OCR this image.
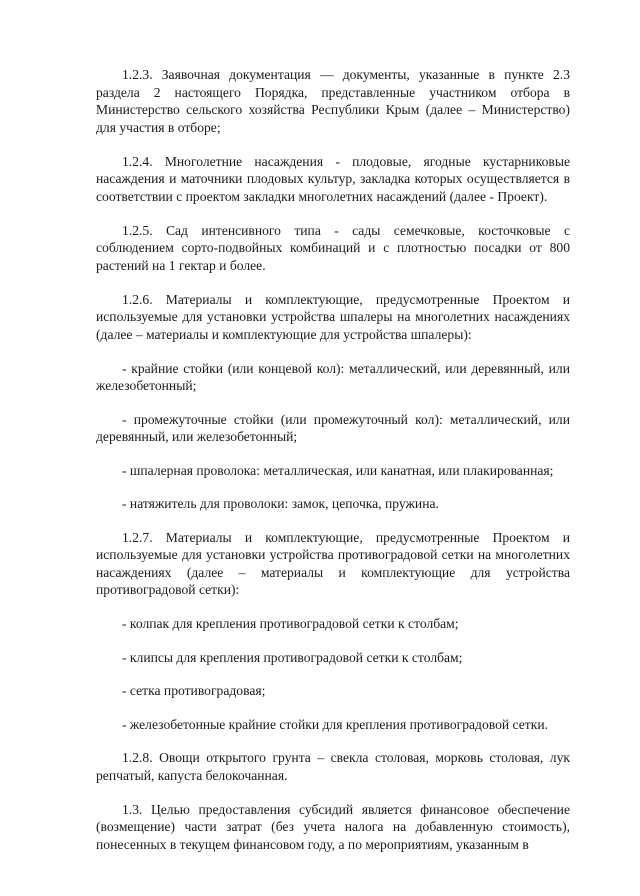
1.2.3. Заявочная документация — документы, указанные в пункте 2.3 раздела 2 настоящего Порядка, представленные участником отбора в Министерство сельского хозяйства Республики Крым (далее – Министерство) для участия в отборе;

1.2.4. Многолетние насаждения - плодовые, ягодные кустарниковые насаждения и маточники плодовых культур, закладка которых осуществляется в соответствии с проектом закладки многолетних насаждений (далее - Проект).

1.2.5. Сад интенсивного типа - сады семечковые, косточковые с соблюдением сорто-подвойных комбинаций и с плотностью посадки от 800 растений на 1 гектар и более.

1.2.6. Материалы и комплектующие, предусмотренные Проектом и используемые для установки устройства шпалеры на многолетних насаждениях (далее – материалы и комплектующие для устройства шпалеры):

- крайние стойки (или концевой кол): металлический, или деревянный, или железобетонный;

- промежуточные стойки (или промежуточный кол): металлический, или деревянный, или железобетонный;

- шпалерная проволока: металлическая, или канатная, или плакированная;

- натяжитель для проволоки: замок, цепочка, пружина.

1.2.7. Материалы и комплектующие, предусмотренные Проектом и используемые для установки устройства противоградовой сетки на многолетних насаждениях (далее – материалы и комплектующие для устройства противоградовой сетки):

- колпак для крепления противоградовой сетки к столбам;

- клипсы для крепления противоградовой сетки к столбам;

- сетка противоградовая;

- железобетонные крайние стойки для крепления противоградовой сетки.

1.2.8. Овощи открытого грунта – свекла столовая, морковь столовая, лук репчатый, капуста белокочанная.

1.3. Целью предоставления субсидий является финансовое обеспечение (возмещение) части затрат (без учета налога на добавленную стоимость), понесенных в текущем финансовом году, а по мероприятиям, указанным в
